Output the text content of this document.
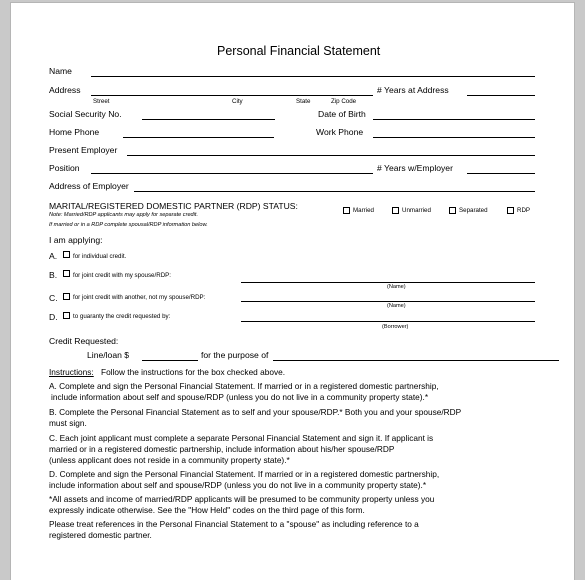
Personal Financial Statement
Name
Address	# Years at Address
Street	City	State	Zip Code
Social Security No.	Date of Birth
Home Phone	Work Phone
Present Employer
Position	# Years w/Employer
Address of Employer
MARITAL/REGISTERED DOMESTIC PARTNER (RDP) STATUS:
Note: Married/RDP applicants may apply for separate credit.
If married or in a RDP complete spousal/RDP information below.
Married	Unmarried	Separated	RDP
I am applying:
A.	for individual credit.
B.	for joint credit with my spouse/RDP:
(Name)
C. for joint credit with another, not my spouse/RDP:
(Name)
D. to guaranty the credit requested by:
(Borrower)
Credit Requested:
Line/loan $	for the purpose of
Instructions: Follow the instructions for the box checked above.
A. Complete and sign the Personal Financial Statement. If married or in a registered domestic partnership,
include information about self and spouse/RDP (unless you do not live in a community property state).*
B. Complete the Personal Financial Statement as to self and your spouse/RDP.* Both you and your spouse/RDP
must sign.
C. Each joint applicant must complete a separate Personal Financial Statement and sign it. If applicant is
married or in a registered domestic partnership, include information about his/her spouse/RDP
(unless applicant does not reside in a community property state).*
D. Complete and sign the Personal Financial Statement. If married or in a registered domestic partnership,
include information about self and spouse/RDP (unless you do not live in a community property state).*
*All assets and income of married/RDP applicants will be presumed to be community property unless you
expressly indicate otherwise. See the "How Held" codes on the third page of this form.
Please treat references in the Personal Financial Statement to a "spouse" as including reference to a
registered domestic partner.
